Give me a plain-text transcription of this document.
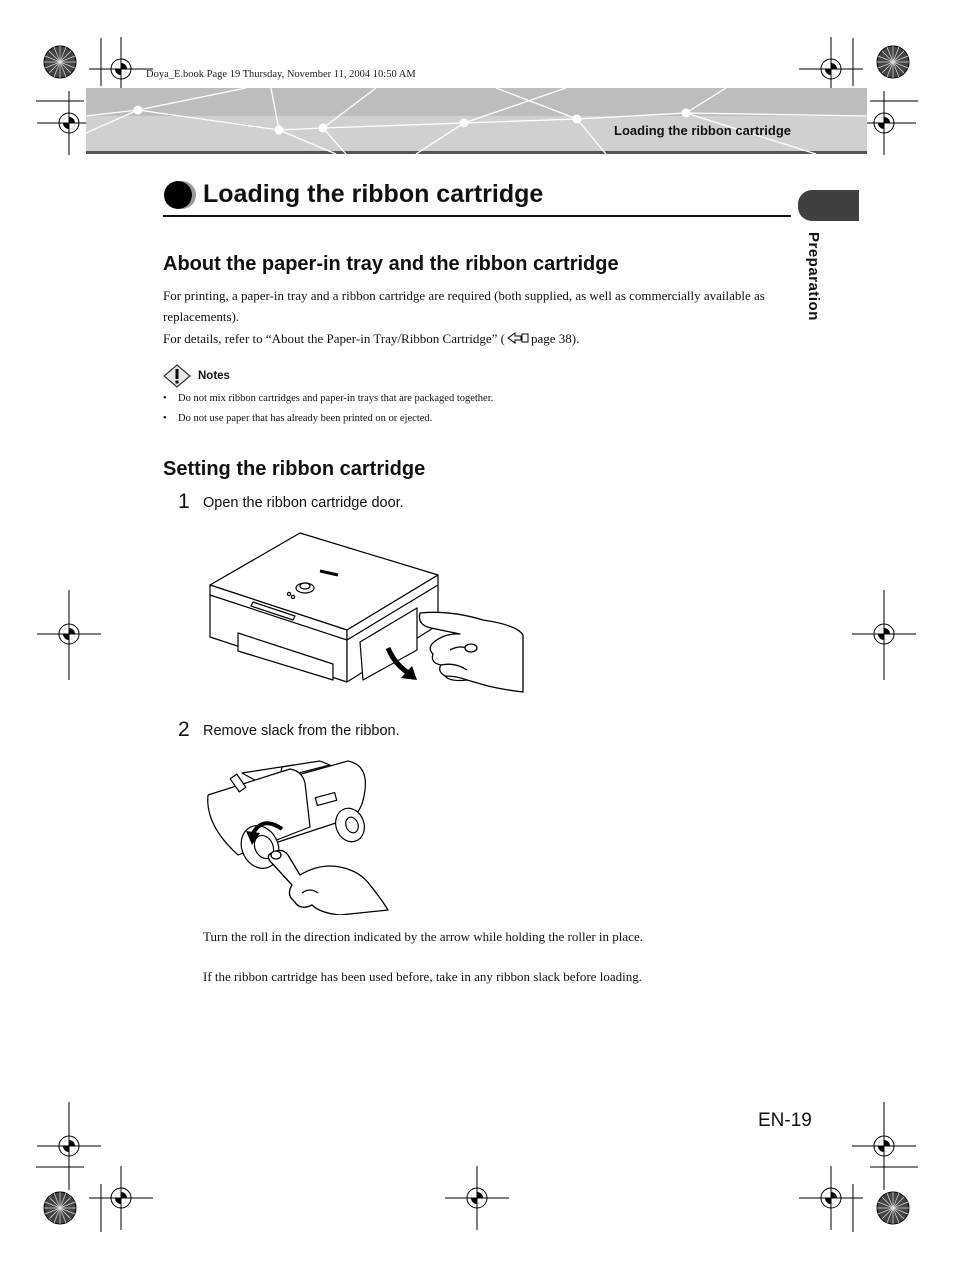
Doya_E.book Page 19 Thursday, November 11, 2004 10:50 AM
Loading the ribbon cartridge
Preparation
Loading the ribbon cartridge
About the paper-in tray and the ribbon cartridge
For printing, a paper-in tray and a ribbon cartridge are required (both supplied, as well as commercially available as replacements).
For details, refer to “About the Paper-in Tray/Ribbon Cartridge” ( page 38).
Notes
• Do not mix ribbon cartridges and paper-in trays that are packaged together.
• Do not use paper that has already been printed on or ejected.
Setting the ribbon cartridge
1 Open the ribbon cartridge door.
2 Remove slack from the ribbon.
Turn the roll in the direction indicated by the arrow while holding the roller in place.
If the ribbon cartridge has been used before, take in any ribbon slack before loading.
EN-19
